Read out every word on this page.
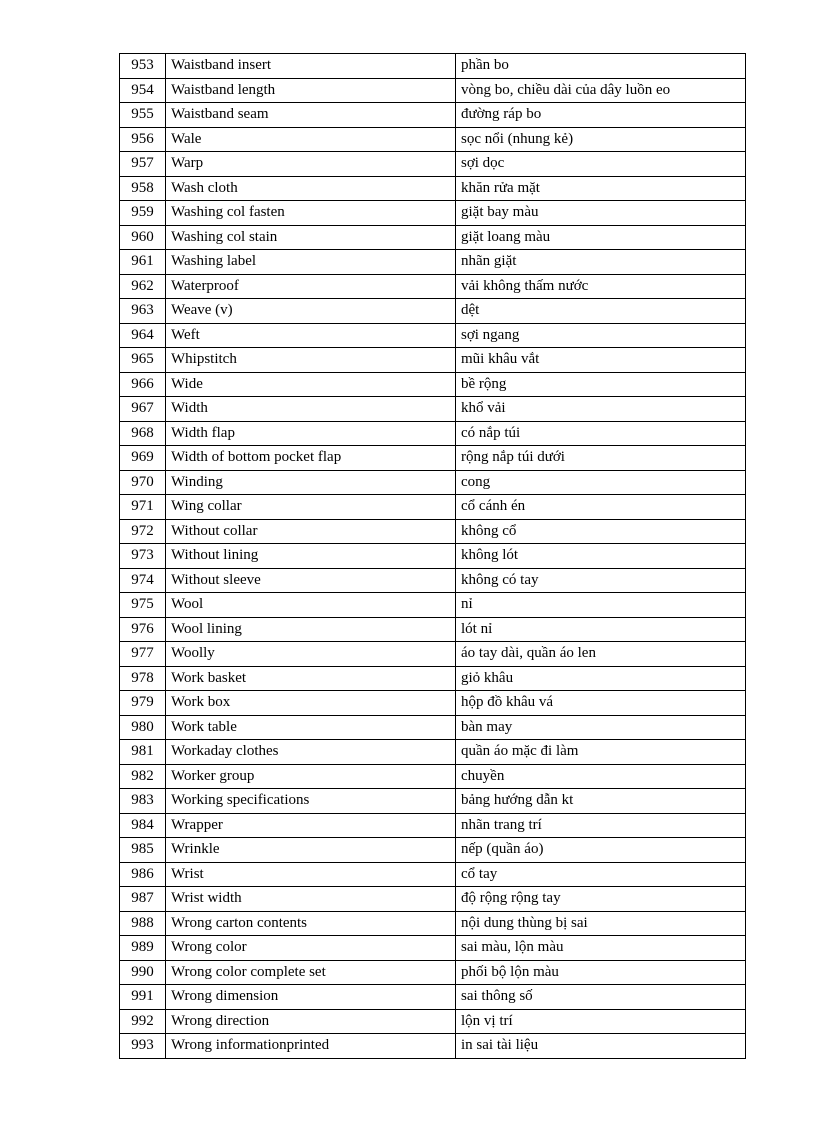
953	Waistband insert	phần bo
954	Waistband length	vòng bo, chiều dài của dây luồn eo
955	Waistband seam	đường ráp bo
956	Wale	sọc nổi (nhung kẻ)
957	Warp	sợi dọc
958	Wash cloth	khăn rửa mặt
959	Washing col fasten	giặt bay màu
960	Washing col stain	giặt loang màu
961	Washing label	nhãn giặt
962	Waterproof	vải không thấm nước
963	Weave (v)	dệt
964	Weft	sợi ngang
965	Whipstitch	mũi khâu vắt
966	Wide	bề rộng
967	Width	khổ vải
968	Width flap	có nắp túi
969	Width of bottom pocket flap	rộng nắp túi dưới
970	Winding	cong
971	Wing collar	cổ cánh én
972	Without collar	không cổ
973	Without lining	không lót
974	Without sleeve	không có tay
975	Wool	nỉ
976	Wool lining	lót nỉ
977	Woolly	áo tay dài, quần áo len
978	Work basket	giỏ khâu
979	Work box	hộp đồ khâu vá
980	Work table	bàn may
981	Workaday clothes	quần áo mặc đi làm
982	Worker group	chuyền
983	Working specifications	bảng hướng dẫn kt
984	Wrapper	nhãn trang trí
985	Wrinkle	nếp (quần áo)
986	Wrist	cổ tay
987	Wrist width	độ rộng rộng tay
988	Wrong carton contents	nội dung thùng bị sai
989	Wrong color	sai màu, lộn màu
990	Wrong color complete set	phối bộ lộn màu
991	Wrong dimension	sai thông số
992	Wrong direction	lộn vị trí
993	Wrong informationprinted	in sai tài liệu
